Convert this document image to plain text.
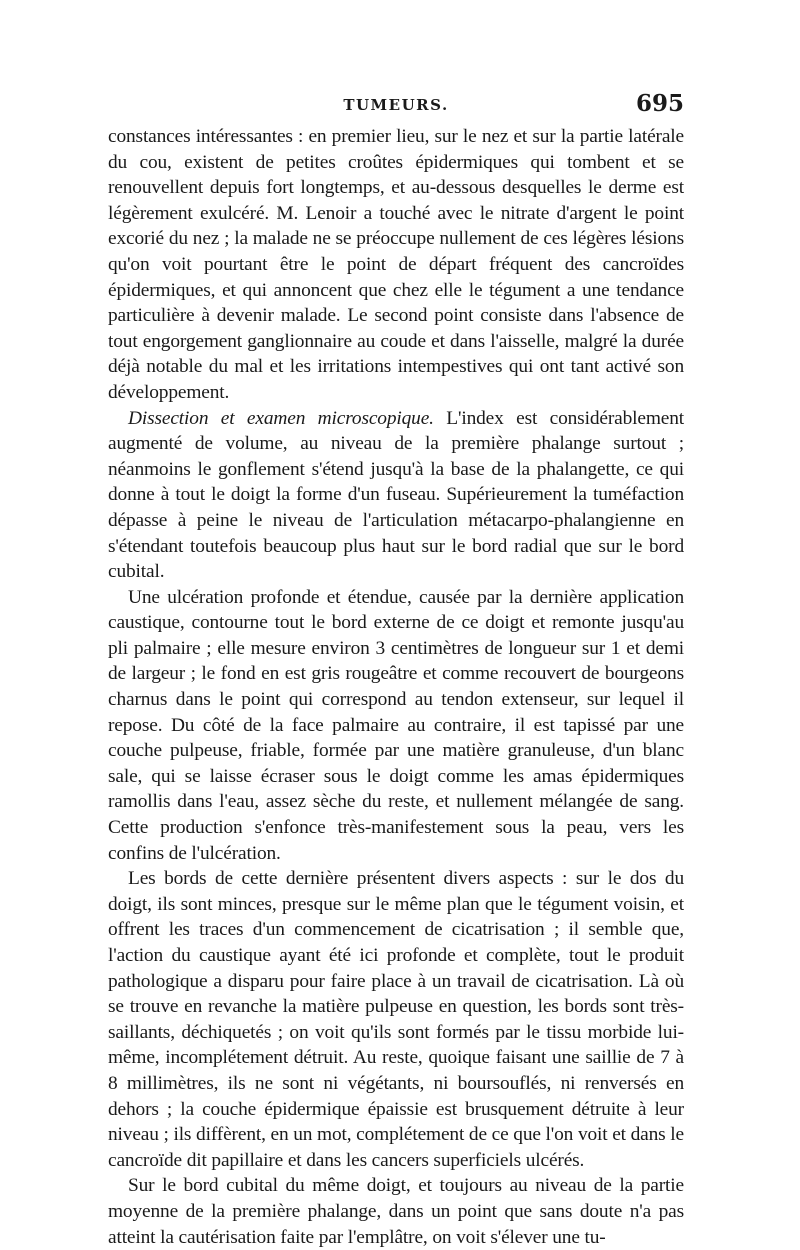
TUMEURS.	695

constances intéressantes : en premier lieu, sur le nez et sur la partie latérale du cou, existent de petites croûtes épidermiques qui tombent et se renouvellent depuis fort longtemps, et au-dessous desquelles le derme est légèrement exulcéré. M. Lenoir a touché avec le nitrate d'argent le point excorié du nez ; la malade ne se préoccupe nullement de ces légères lésions qu'on voit pourtant être le point de départ fréquent des cancroïdes épidermiques, et qui annoncent que chez elle le tégument a une tendance particulière à devenir malade. Le second point consiste dans l'absence de tout engorgement ganglionnaire au coude et dans l'aisselle, malgré la durée déjà notable du mal et les irritations intempestives qui ont tant activé son développement.

Dissection et examen microscopique. L'index est considérablement augmenté de volume, au niveau de la première phalange surtout ; néanmoins le gonflement s'étend jusqu'à la base de la phalangette, ce qui donne à tout le doigt la forme d'un fuseau. Supérieurement la tuméfaction dépasse à peine le niveau de l'articulation métacarpo-phalangienne en s'étendant toutefois beaucoup plus haut sur le bord radial que sur le bord cubital.

Une ulcération profonde et étendue, causée par la dernière application caustique, contourne tout le bord externe de ce doigt et remonte jusqu'au pli palmaire ; elle mesure environ 3 centimètres de longueur sur 1 et demi de largeur ; le fond en est gris rougeâtre et comme recouvert de bourgeons charnus dans le point qui correspond au tendon extenseur, sur lequel il repose. Du côté de la face palmaire au contraire, il est tapissé par une couche pulpeuse, friable, formée par une matière granuleuse, d'un blanc sale, qui se laisse écraser sous le doigt comme les amas épidermiques ramollis dans l'eau, assez sèche du reste, et nullement mélangée de sang. Cette production s'enfonce très-manifestement sous la peau, vers les confins de l'ulcération.

Les bords de cette dernière présentent divers aspects : sur le dos du doigt, ils sont minces, presque sur le même plan que le tégument voisin, et offrent les traces d'un commencement de cicatrisation ; il semble que, l'action du caustique ayant été ici profonde et complète, tout le produit pathologique a disparu pour faire place à un travail de cicatrisation. Là où se trouve en revanche la matière pulpeuse en question, les bords sont très-saillants, déchiquetés ; on voit qu'ils sont formés par le tissu morbide lui-même, incomplétement détruit. Au reste, quoique faisant une saillie de 7 à 8 millimètres, ils ne sont ni végétants, ni boursouflés, ni renversés en dehors ; la couche épidermique épaissie est brusquement détruite à leur niveau ; ils diffèrent, en un mot, complétement de ce que l'on voit et dans le cancroïde dit papillaire et dans les cancers superficiels ulcérés.

Sur le bord cubital du même doigt, et toujours au niveau de la partie moyenne de la première phalange, dans un point que sans doute n'a pas atteint la cautérisation faite par l'emplâtre, on voit s'élever une tu-
